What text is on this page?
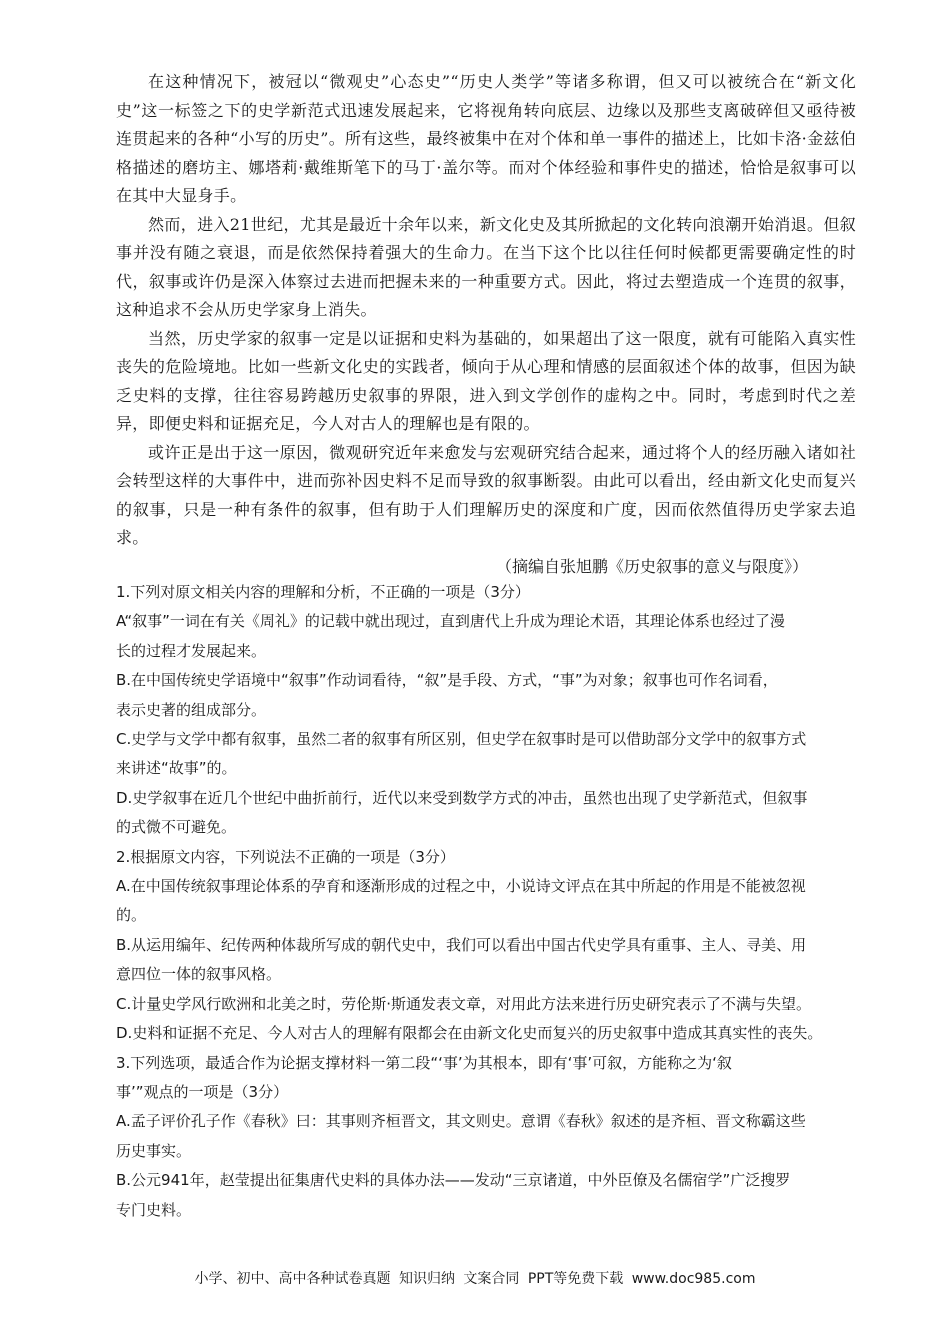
在这种情况下，被冠以“微观史”心态史”“历史人类学”等诸多称谓，但又可以被统合在“新文化史”这一标签之下的史学新范式迅速发展起来，它将视角转向底层、边缘以及那些支离破碎但又亟待被连贯起来的各种“小写的历史”。所有这些，最终被集中在对个体和单一事件的描述上，比如卡洛·金兹伯格描述的磨坊主、娜塔莉·戴维斯笔下的马丁·盖尔等。而对个体经验和事件史的描述，恰恰是叙事可以在其中大显身手。

然而，进入21世纪，尤其是最近十余年以来，新文化史及其所掀起的文化转向浪潮开始消退。但叙事并没有随之衰退，而是依然保持着强大的生命力。在当下这个比以往任何时候都更需要确定性的时代，叙事或许仍是深入体察过去进而把握未来的一种重要方式。因此，将过去塑造成一个连贯的叙事，这种追求不会从历史学家身上消失。

当然，历史学家的叙事一定是以证据和史料为基础的，如果超出了这一限度，就有可能陷入真实性丧失的危险境地。比如一些新文化史的实践者，倾向于从心理和情感的层面叙述个体的故事，但因为缺乏史料的支撑，往往容易跨越历史叙事的界限，进入到文学创作的虚构之中。同时，考虑到时代之差异，即便史料和证据充足，今人对古人的理解也是有限的。

或许正是出于这一原因，微观研究近年来愈发与宏观研究结合起来，通过将个人的经历融入诸如社会转型这样的大事件中，进而弥补因史料不足而导致的叙事断裂。由此可以看出，经由新文化史而复兴的叙事，只是一种有条件的叙事，但有助于人们理解历史的深度和广度，因而依然值得历史学家去追求。

（摘编自张旭鹏《历史叙事的意义与限度》）

1.下列对原文相关内容的理解和分析，不正确的一项是（3分）

A“叙事”一词在有关《周礼》的记载中就出现过，直到唐代上升成为理论术语，其理论体系也经过了漫

长的过程才发展起来。

B.在中国传统史学语境中“叙事”作动词看待，“叙”是手段、方式，“事”为对象；叙事也可作名词看，

表示史著的组成部分。

C.史学与文学中都有叙事，虽然二者的叙事有所区别，但史学在叙事时是可以借助部分文学中的叙事方式

来讲述“故事”的。

D.史学叙事在近几个世纪中曲折前行，近代以来受到数学方式的冲击，虽然也出现了史学新范式，但叙事

的式微不可避免。

2.根据原文内容，下列说法不正确的一项是（3分）

A.在中国传统叙事理论体系的孕育和逐渐形成的过程之中，小说诗文评点在其中所起的作用是不能被忽视

的。

B.从运用编年、纪传两种体裁所写成的朝代史中，我们可以看出中国古代史学具有重事、主人、寻美、用

意四位一体的叙事风格。

C.计量史学风行欧洲和北美之时，劳伦斯·斯通发表文章，对用此方法来进行历史研究表示了不满与失望。

D.史料和证据不充足、今人对古人的理解有限都会在由新文化史而复兴的历史叙事中造成其真实性的丧失。

3.下列选项，最适合作为论据支撑材料一第二段“‘事’为其根本，即有‘事’可叙，方能称之为‘叙

事’”观点的一项是（3分）

A.孟子评价孔子作《春秋》曰：其事则齐桓晋文，其文则史。意谓《春秋》叙述的是齐桓、晋文称霸这些

历史事实。

B.公元941年，赵莹提出征集唐代史料的具体办法——发动“三京诸道，中外臣僚及名儒宿学”广泛搜罗

专门史料。

小学、初中、高中各种试卷真题 知识归纳 文案合同 PPT等免费下载 www.doc985.com
